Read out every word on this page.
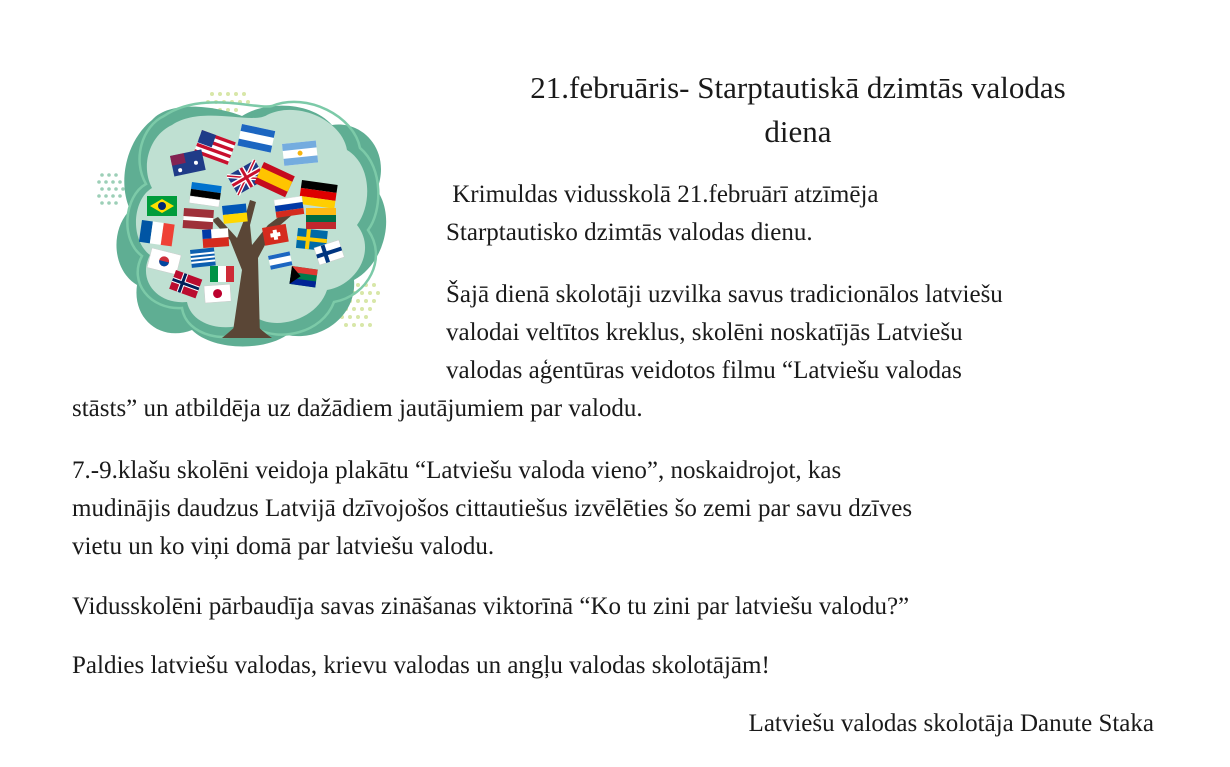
21.februāris- Starptautiskā dzimtās valodas
diena

Krimuldas vidusskolā 21.februārī atzīmēja
Starptautisko dzimtās valodas dienu.

Šajā dienā skolotāji uzvilka savus tradicionālos latviešu
valodai veltītos kreklus, skolēni noskatījās Latviešu
valodas aģentūras veidotos filmu “Latviešu valodas

stāsts” un atbildēja uz dažādiem jautājumiem par valodu.

7.-9.klašu skolēni veidoja plakātu “Latviešu valoda vieno”, noskaidrojot, kas
mudinājis daudzus Latvijā dzīvojošos cittautiešus izvēlēties šo zemi par savu dzīves
vietu un ko viņi domā par latviešu valodu.

Vidusskolēni pārbaudīja savas zināšanas viktorīnā “Ko tu zini par latviešu valodu?”

Paldies latviešu valodas, krievu valodas un angļu valodas skolotājām!

Latviešu valodas skolotāja Danute Staka
